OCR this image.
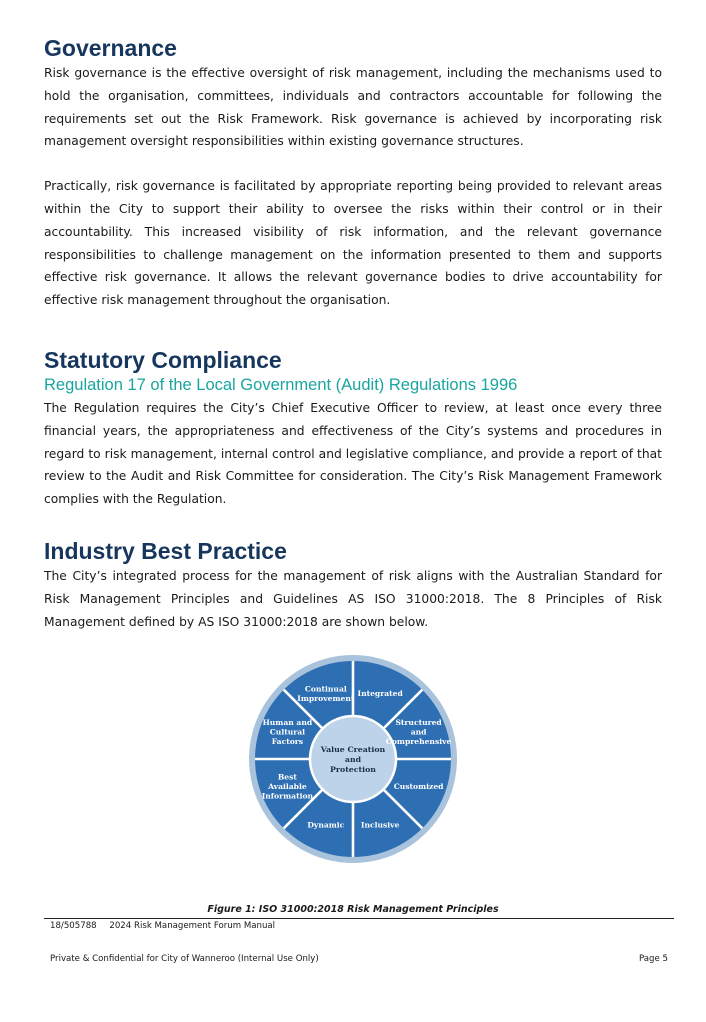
Governance

Risk governance is the effective oversight of risk management, including the mechanisms used to hold the organisation, committees, individuals and contractors accountable for following the requirements set out the Risk Framework. Risk governance is achieved by incorporating risk management oversight responsibilities within existing governance structures.

Practically, risk governance is facilitated by appropriate reporting being provided to relevant areas within the City to support their ability to oversee the risks within their control or in their accountability. This increased visibility of risk information, and the relevant governance responsibilities to challenge management on the information presented to them and supports effective risk governance. It allows the relevant governance bodies to drive accountability for effective risk management throughout the organisation.

Statutory Compliance
Regulation 17 of the Local Government (Audit) Regulations 1996

The Regulation requires the City’s Chief Executive Officer to review, at least once every three financial years, the appropriateness and effectiveness of the City’s systems and procedures in regard to risk management, internal control and legislative compliance, and provide a report of that review to the Audit and Risk Committee for consideration. The City’s Risk Management Framework complies with the Regulation.

Industry Best Practice

The City’s integrated process for the management of risk aligns with the Australian Standard for Risk Management Principles and Guidelines AS ISO 31000:2018. The 8 Principles of Risk Management defined by AS ISO 31000:2018 are shown below.

Integrated
Structured and Comprehensive
Customized
Inclusive
Dynamic
Best Available Information
Human and Cultural Factors
Continual Improvement
Value Creation and Protection
Figure 1: ISO 31000:2018 Risk Management Principles
18/505788 2024 Risk Management Forum Manual
Private & Confidential for City of Wanneroo (Internal Use Only)	Page 5
